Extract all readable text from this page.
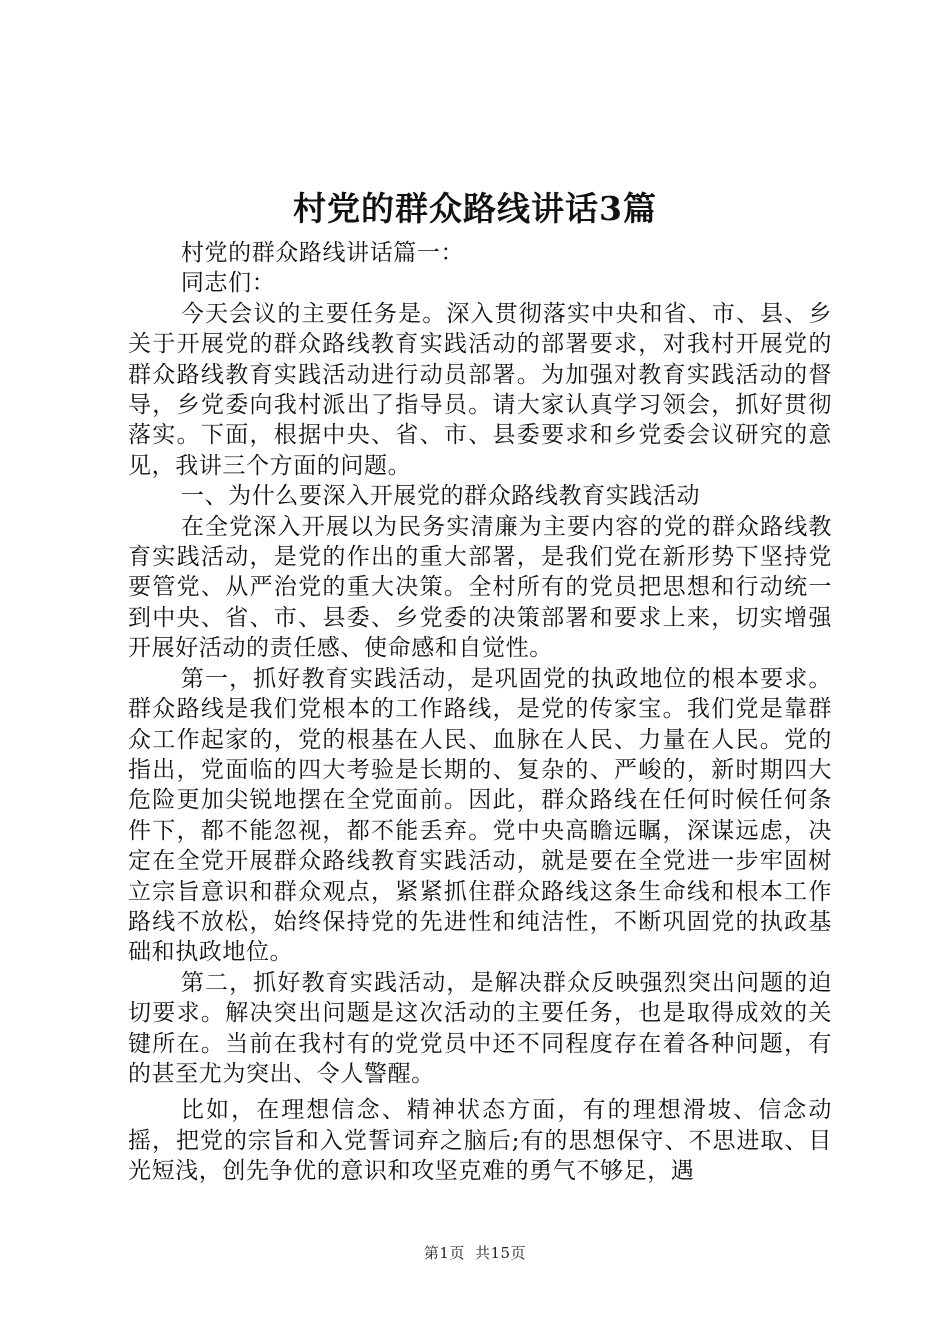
村党的群众路线讲话3篇

村党的群众路线讲话篇一：

同志们：

今天会议的主要任务是。深入贯彻落实中央和省、市、县、乡关于开展党的群众路线教育实践活动的部署要求，对我村开展党的群众路线教育实践活动进行动员部署。为加强对教育实践活动的督导，乡党委向我村派出了指导员。请大家认真学习领会，抓好贯彻落实。下面，根据中央、省、市、县委要求和乡党委会议研究的意见，我讲三个方面的问题。

一、为什么要深入开展党的群众路线教育实践活动

在全党深入开展以为民务实清廉为主要内容的党的群众路线教育实践活动，是党的作出的重大部署，是我们党在新形势下坚持党要管党、从严治党的重大决策。全村所有的党员把思想和行动统一到中央、省、市、县委、乡党委的决策部署和要求上来，切实增强开展好活动的责任感、使命感和自觉性。

第一，抓好教育实践活动，是巩固党的执政地位的根本要求。群众路线是我们党根本的工作路线，是党的传家宝。我们党是靠群众工作起家的，党的根基在人民、血脉在人民、力量在人民。党的指出，党面临的四大考验是长期的、复杂的、严峻的，新时期四大危险更加尖锐地摆在全党面前。因此，群众路线在任何时候任何条件下，都不能忽视，都不能丢弃。党中央高瞻远瞩，深谋远虑，决定在全党开展群众路线教育实践活动，就是要在全党进一步牢固树立宗旨意识和群众观点，紧紧抓住群众路线这条生命线和根本工作路线不放松，始终保持党的先进性和纯洁性，不断巩固党的执政基础和执政地位。

第二，抓好教育实践活动，是解决群众反映强烈突出问题的迫切要求。解决突出问题是这次活动的主要任务，也是取得成效的关键所在。当前在我村有的党党员中还不同程度存在着各种问题，有的甚至尤为突出、令人警醒。

比如，在理想信念、精神状态方面，有的理想滑坡、信念动摇，把党的宗旨和入党誓词弃之脑后;有的思想保守、不思进取、目光短浅，创先争优的意识和攻坚克难的勇气不够足，遇

第1页 共15页
